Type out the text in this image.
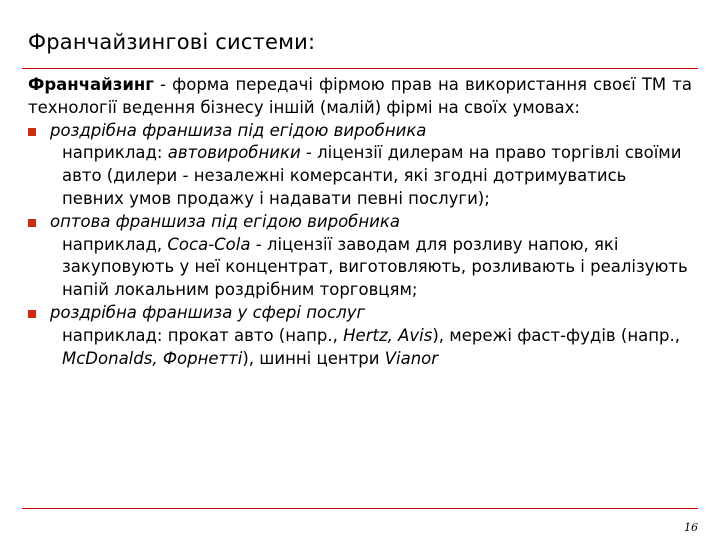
Франчайзингові системи:
Франчайзинг - форма передачі фірмою прав на використання своєї ТМ та технології ведення бізнесу іншій (малій) фірмі на своїх умовах:
роздрібна франшиза під егідою виробника
наприклад: автовиробники - ліцензії дилерам на право торгівлі своїми авто (дилери - незалежні комерсанти, які згодні дотримуватись певних умов продажу і надавати певні послуги);
оптова франшиза під егідою виробника
наприклад, Coca-Cola - ліцензії заводам для розливу напою, які закуповують у неї концентрат, виготовляють, розливають і реалізують напій локальним роздрібним торговцям;
роздрібна франшиза у сфері послуг
наприклад: прокат авто (напр., Hertz, Avis), мережі фаст-фудів (напр., McDonalds, Форнетті), шинні центри Vianor
16
